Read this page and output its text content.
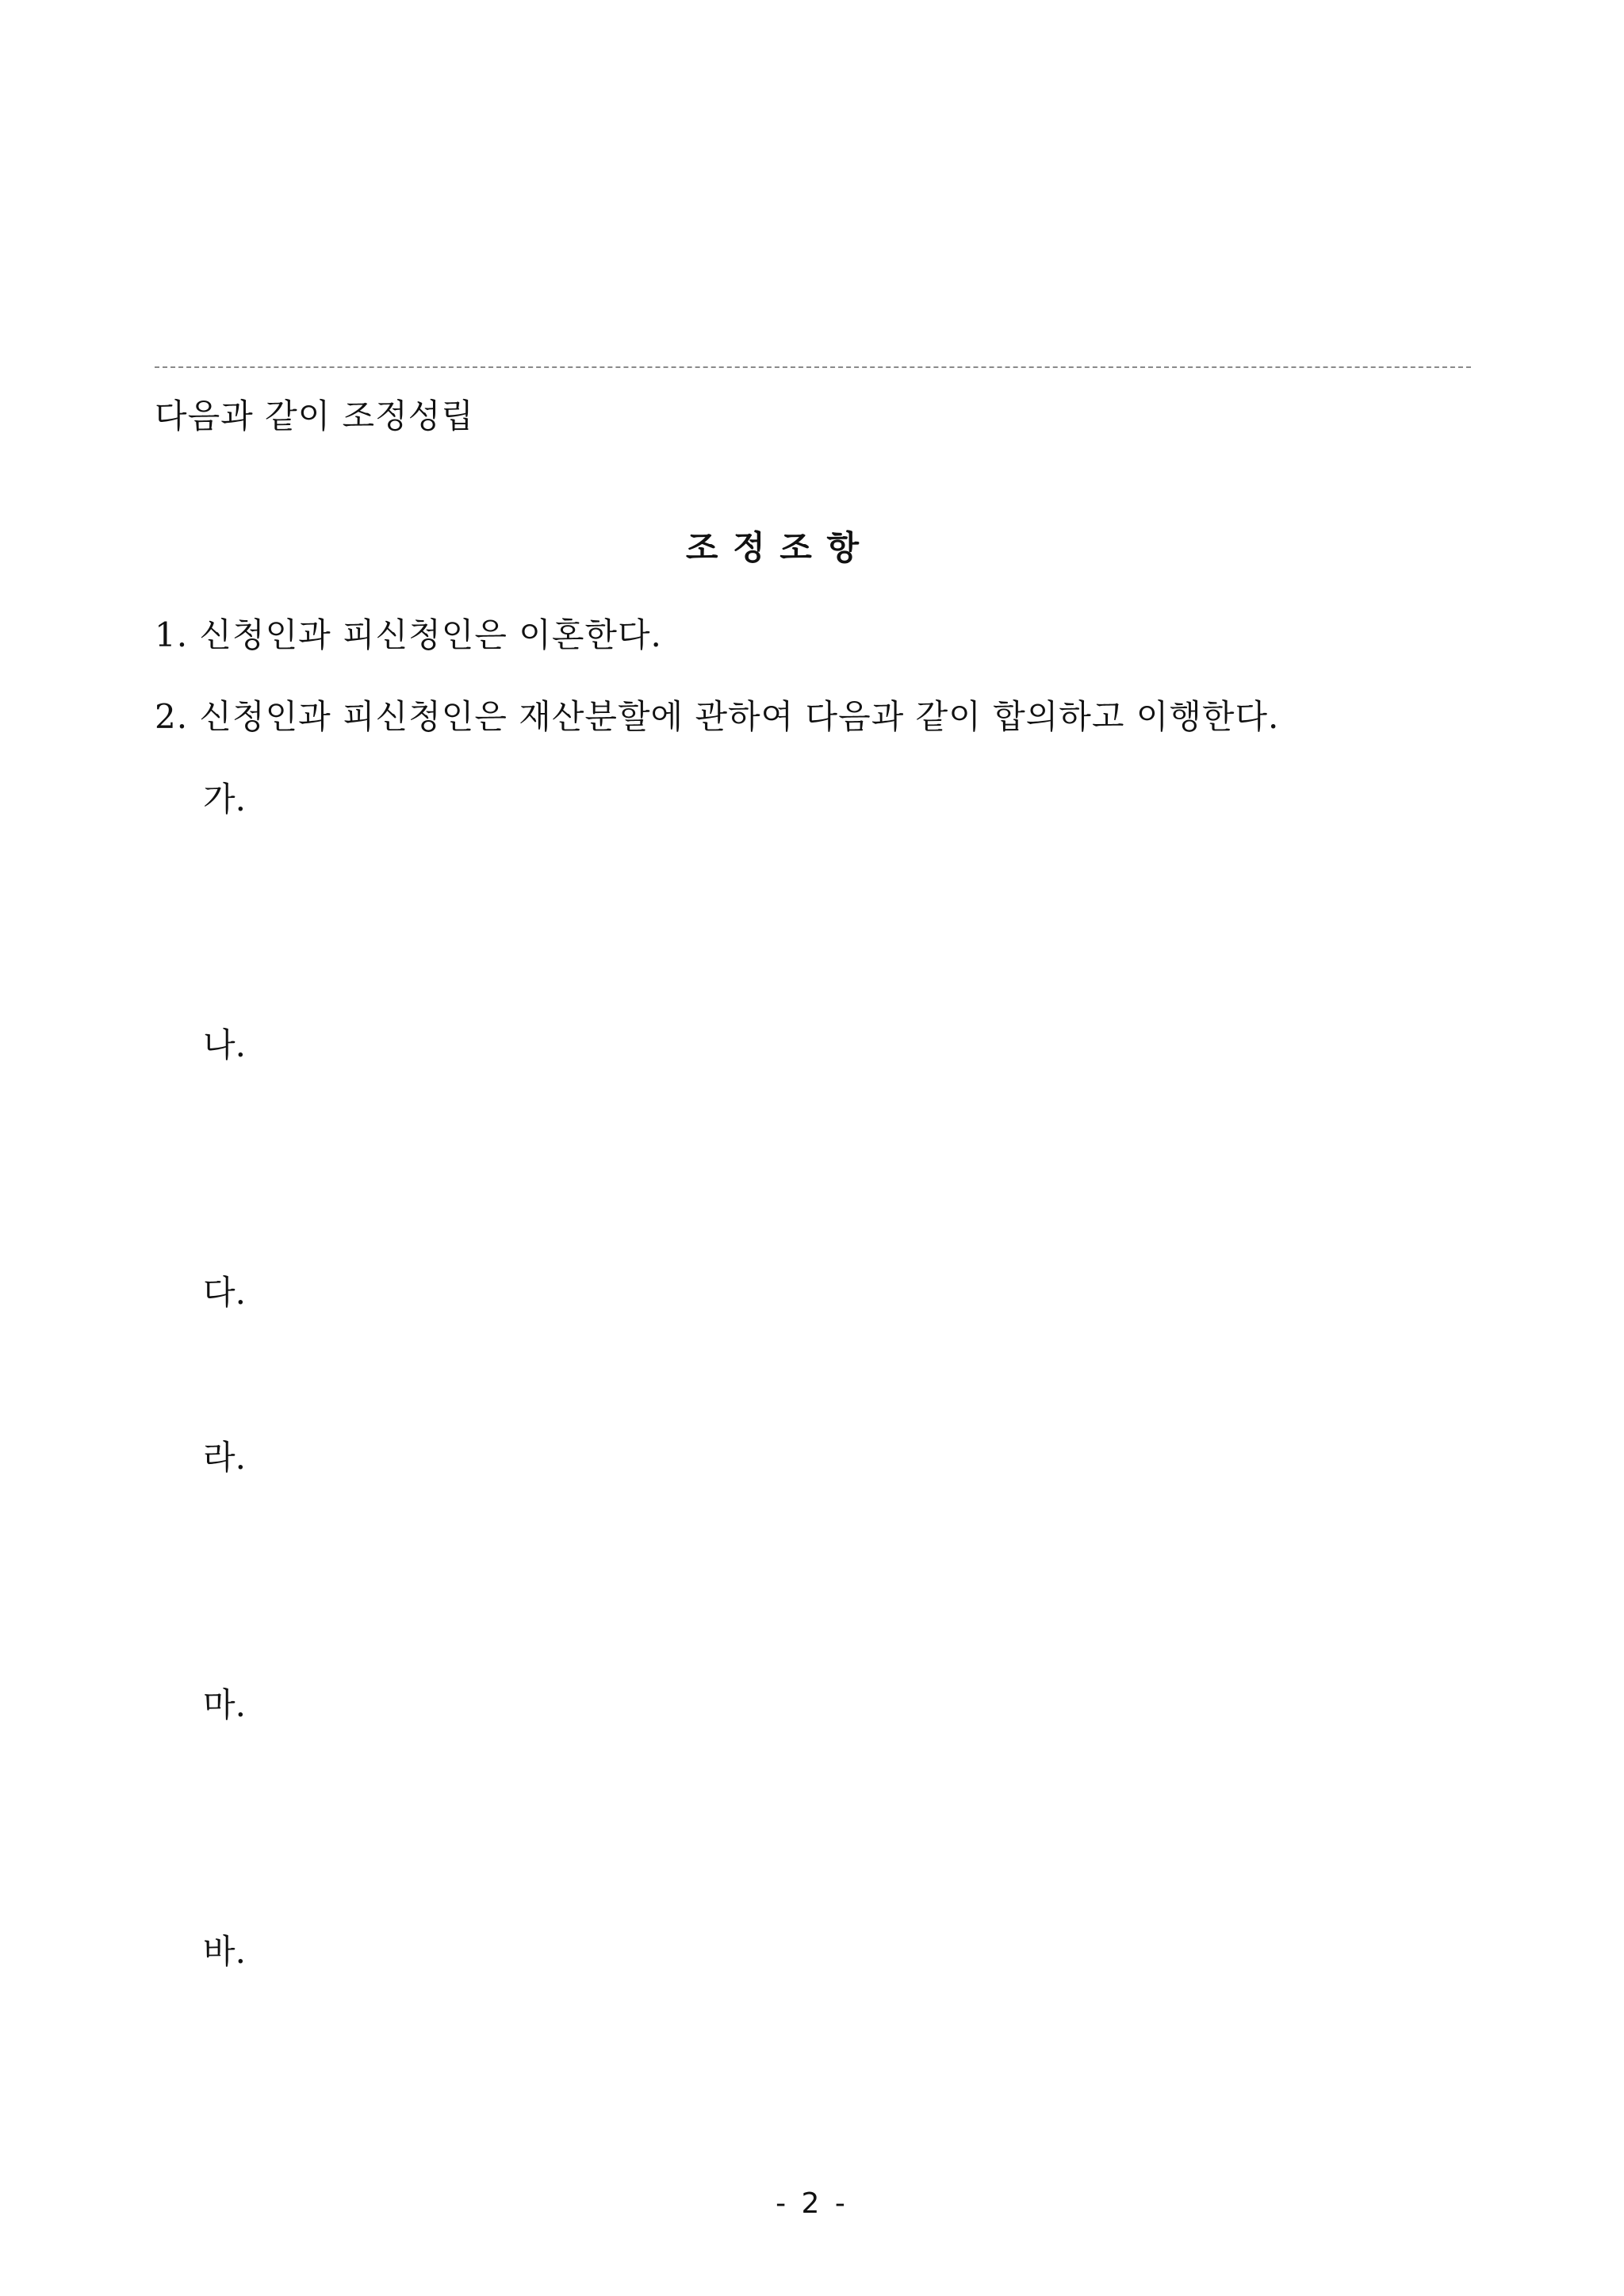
다음과 같이 조정성립
조 정 조 항
1. 신청인과 피신청인은 이혼한다.
2. 신청인과 피신청인은 재산분할에 관하여 다음과 같이 합의하고 이행한다.
가.
나.
다.
라.
마.
바.
- 2 -
